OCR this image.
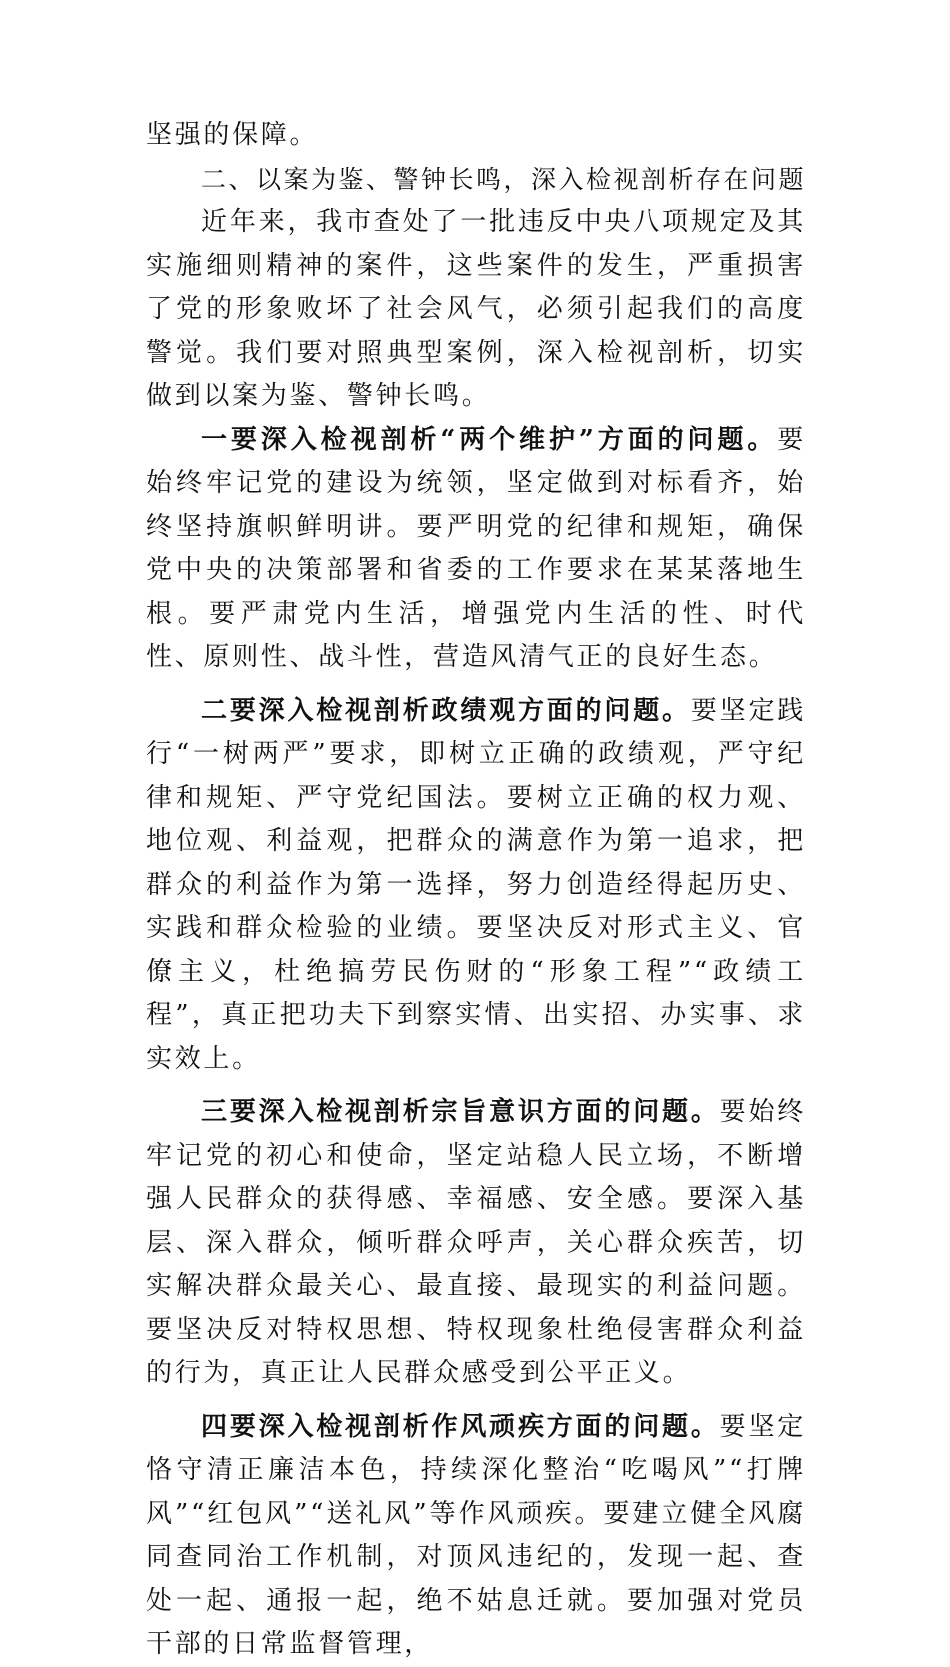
坚强的保障。

二、以案为鉴、警钟长鸣，深入检视剖析存在问题

近年来，我市查处了一批违反中央八项规定及其实施细则精神的案件，这些案件的发生，严重损害了党的形象败坏了社会风气，必须引起我们的高度警觉。我们要对照典型案例，深入检视剖析，切实做到以案为鉴、警钟长鸣。

一要深入检视剖析“两个维护”方面的问题。要始终牢记党的建设为统领，坚定做到对标看齐，始终坚持旗帜鲜明讲。要严明党的纪律和规矩，确保党中央的决策部署和省委的工作要求在某某落地生根。要严肃党内生活，增强党内生活的性、时代性、原则性、战斗性，营造风清气正的良好生态。

二要深入检视剖析政绩观方面的问题。要坚定践行“一树两严”要求，即树立正确的政绩观，严守纪律和规矩、严守党纪国法。要树立正确的权力观、地位观、利益观，把群众的满意作为第一追求，把群众的利益作为第一选择，努力创造经得起历史、实践和群众检验的业绩。要坚决反对形式主义、官僚主义，杜绝搞劳民伤财的“形象工程”“政绩工程”，真正把功夫下到察实情、出实招、办实事、求实效上。

三要深入检视剖析宗旨意识方面的问题。要始终牢记党的初心和使命，坚定站稳人民立场，不断增强人民群众的获得感、幸福感、安全感。要深入基层、深入群众，倾听群众呼声，关心群众疾苦，切实解决群众最关心、最直接、最现实的利益问题。要坚决反对特权思想、特权现象杜绝侵害群众利益的行为，真正让人民群众感受到公平正义。

四要深入检视剖析作风顽疾方面的问题。要坚定恪守清正廉洁本色，持续深化整治“吃喝风”“打牌风”“红包风”“送礼风”等作风顽疾。要建立健全风腐同查同治工作机制，对顶风违纪的，发现一起、查处一起、通报一起，绝不姑息迁就。要加强对党员干部的日常监督管理，
